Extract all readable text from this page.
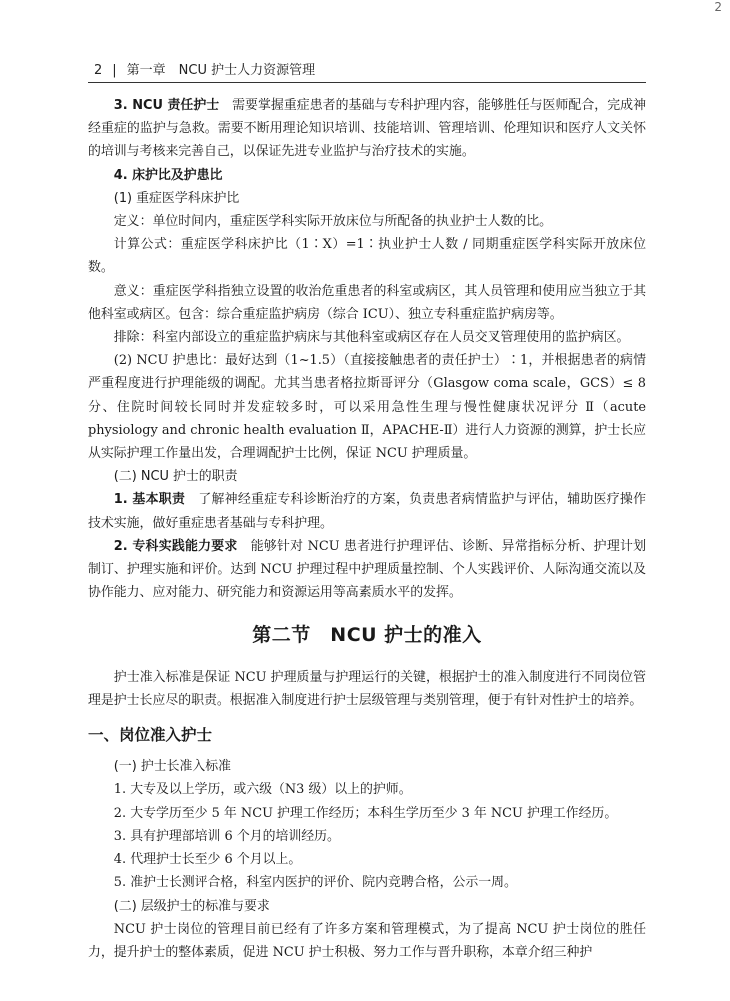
2
2 | 第一章　NCU 护士人力资源管理

3. NCU 责任护士　需要掌握重症患者的基础与专科护理内容，能够胜任与医师配合，完成神经重症的监护与急救。需要不断用理论知识培训、技能培训、管理培训、伦理知识和医疗人文关怀的培训与考核来完善自己，以保证先进专业监护与治疗技术的实施。

4. 床护比及护患比

(1) 重症医学科床护比

定义：单位时间内，重症医学科实际开放床位与所配备的执业护士人数的比。

计算公式：重症医学科床护比（1∶X）=1∶执业护士人数 / 同期重症医学科实际开放床位数。

意义：重症医学科指独立设置的收治危重患者的科室或病区，其人员管理和使用应当独立于其他科室或病区。包含：综合重症监护病房（综合 ICU）、独立专科重症监护病房等。

排除：科室内部设立的重症监护病床与其他科室或病区存在人员交叉管理使用的监护病区。

(2) NCU 护患比：最好达到（1~1.5）（直接接触患者的责任护士）∶1，并根据患者的病情严重程度进行护理能级的调配。尤其当患者格拉斯哥评分（Glasgow coma scale，GCS）≤ 8 分、住院时间较长同时并发症较多时，可以采用急性生理与慢性健康状况评分 Ⅱ（acute physiology and chronic health evaluation Ⅱ，APACHE-Ⅱ）进行人力资源的测算，护士长应从实际护理工作量出发，合理调配护士比例，保证 NCU 护理质量。

(二) NCU 护士的职责

1. 基本职责　了解神经重症专科诊断治疗的方案，负责患者病情监护与评估，辅助医疗操作技术实施，做好重症患者基础与专科护理。

2. 专科实践能力要求　能够针对 NCU 患者进行护理评估、诊断、异常指标分析、护理计划制订、护理实施和评价。达到 NCU 护理过程中护理质量控制、个人实践评价、人际沟通交流以及协作能力、应对能力、研究能力和资源运用等高素质水平的发挥。

第二节　NCU 护士的准入

护士准入标准是保证 NCU 护理质量与护理运行的关键，根据护士的准入制度进行不同岗位管理是护士长应尽的职责。根据准入制度进行护士层级管理与类别管理，便于有针对性护士的培养。

一、岗位准入护士

(一) 护士长准入标准

1. 大专及以上学历，或六级（N3 级）以上的护师。

2. 大专学历至少 5 年 NCU 护理工作经历；本科生学历至少 3 年 NCU 护理工作经历。

3. 具有护理部培训 6 个月的培训经历。

4. 代理护士长至少 6 个月以上。

5. 准护士长测评合格，科室内医护的评价、院内竞聘合格，公示一周。

(二) 层级护士的标准与要求

NCU 护士岗位的管理目前已经有了许多方案和管理模式，为了提高 NCU 护士岗位的胜任力，提升护士的整体素质，促进 NCU 护士积极、努力工作与晋升职称，本章介绍三种护
